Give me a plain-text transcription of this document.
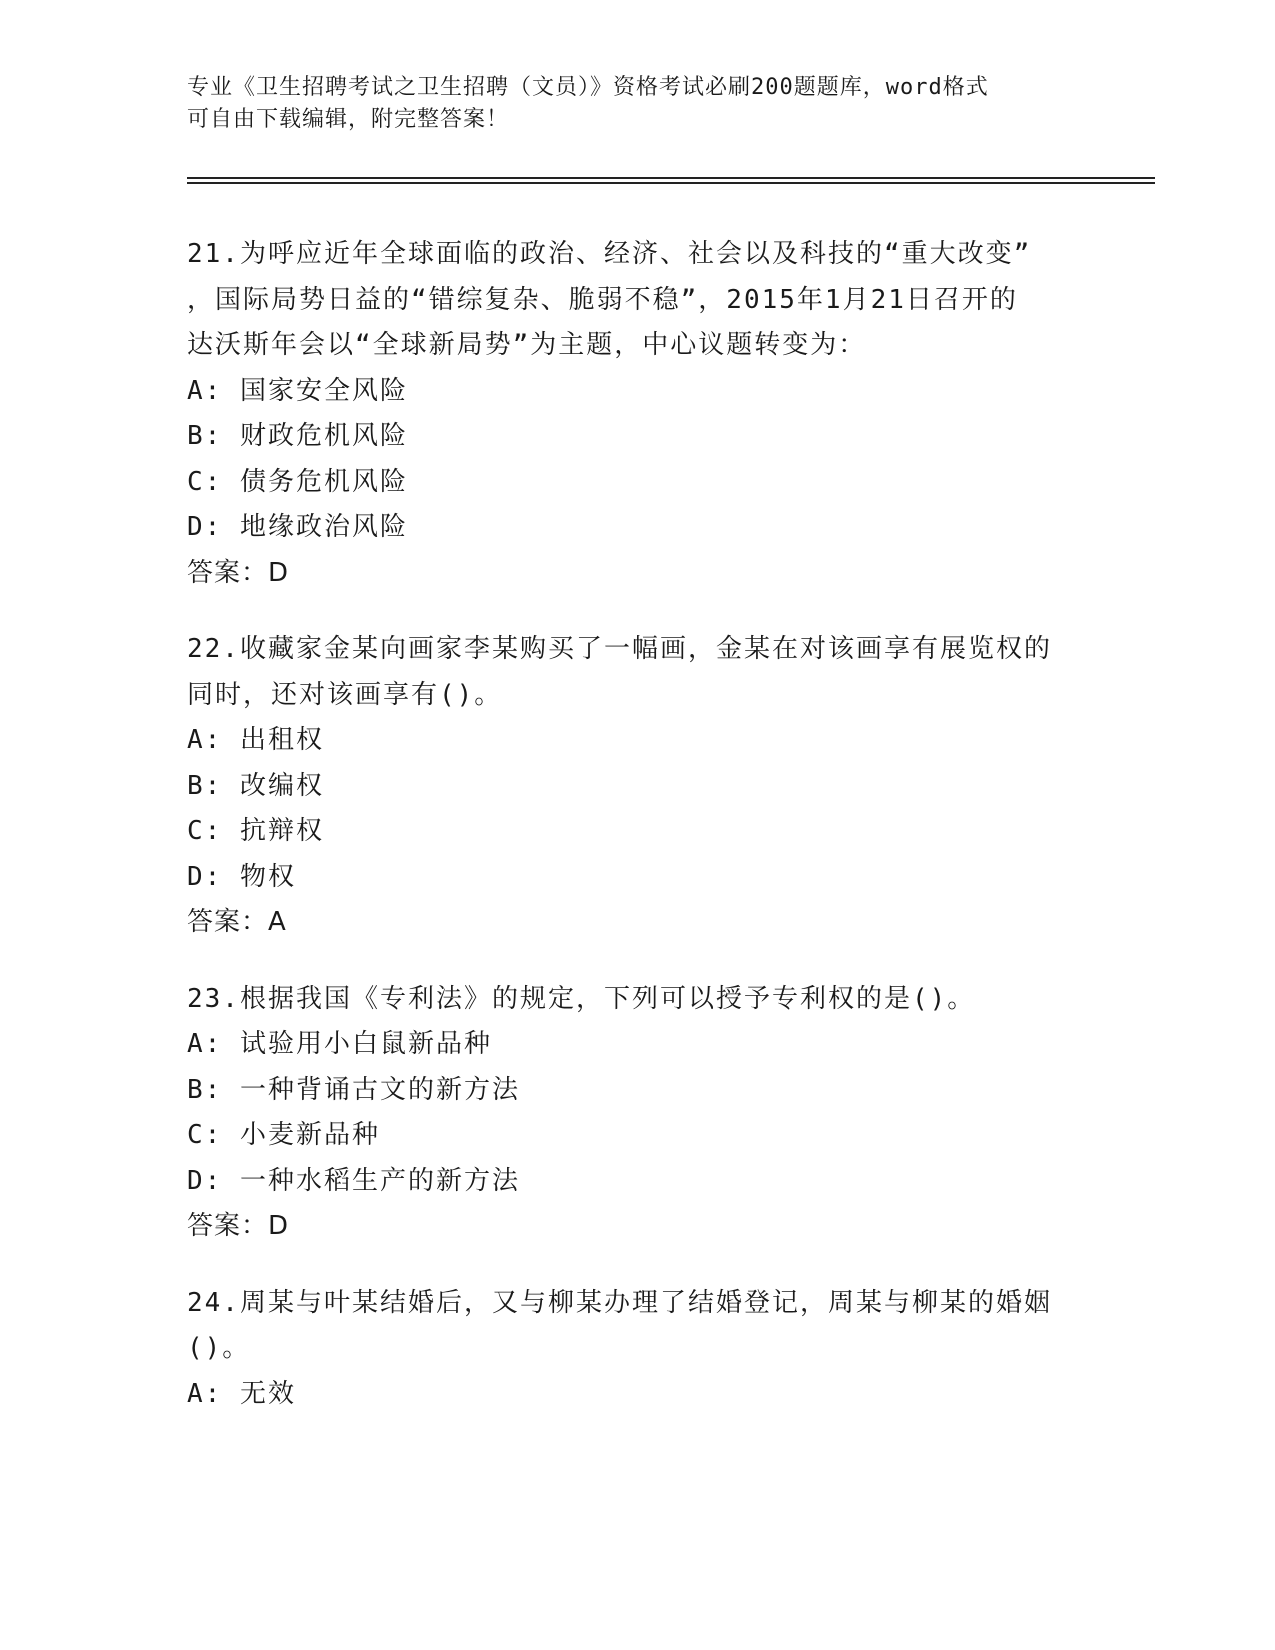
专业《卫生招聘考试之卫生招聘（文员）》资格考试必刷200题题库，word格式
可自由下载编辑，附完整答案！
21.为呼应近年全球面临的政治、经济、社会以及科技的“重大改变”
，国际局势日益的“错综复杂、脆弱不稳”，2015年1月21日召开的
达沃斯年会以“全球新局势”为主题，中心议题转变为：
A: 国家安全风险
B: 财政危机风险
C: 债务危机风险
D: 地缘政治风险
答案：D
22.收藏家金某向画家李某购买了一幅画，金某在对该画享有展览权的
同时，还对该画享有()。
A: 出租权
B: 改编权
C: 抗辩权
D: 物权
答案：A
23.根据我国《专利法》的规定，下列可以授予专利权的是()。
A: 试验用小白鼠新品种
B: 一种背诵古文的新方法
C: 小麦新品种
D: 一种水稻生产的新方法
答案：D
24.周某与叶某结婚后，又与柳某办理了结婚登记，周某与柳某的婚姻
()。
A: 无效
